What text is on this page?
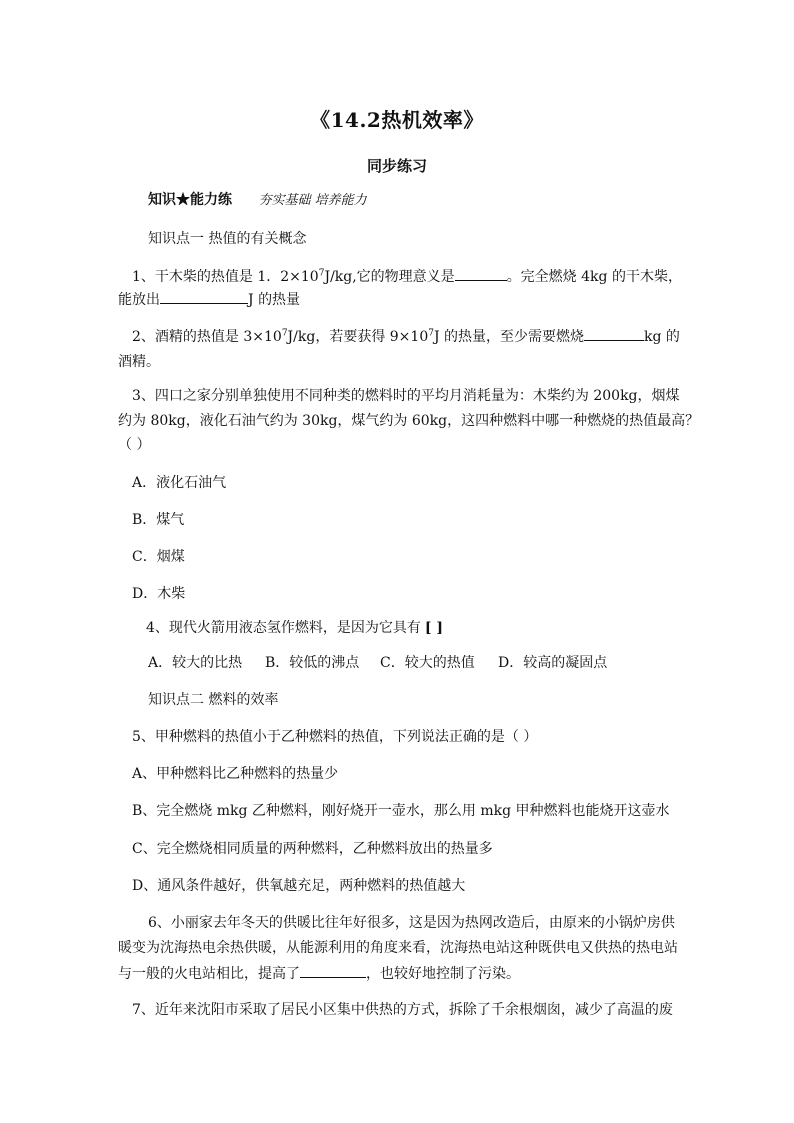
《14.2热机效率》
同步练习
知识★能力练 夯实基础 培养能力
知识点一 热值的有关概念
1、干木柴的热值是 1．$2\times 10^7J/kg$,它的物理意义是	。完全燃烧 4kg 的干木柴，
能放出	J 的热量
2、酒精的热值是 $3\times 10^7J/kg$，若要获得 $9\times 10^7J$ 的热量，至少需要燃烧	kg 的
酒精。
3、四口之家分别单独使用不同种类的燃料时的平均月消耗量为：木柴约为 200kg，烟煤
约为 80kg，液化石油气约为 30kg，煤气约为 60kg，这四种燃料中哪一种燃烧的热值最高？
（ ）
A．液化石油气
B．煤气
C．烟煤
D．木柴
4、现代火箭用液态氢作燃料，是因为它具有 [ ]
A．较大的比热 B．较低的沸点 C．较大的热值 D．较高的凝固点
知识点二 燃料的效率
5、甲种燃料的热值小于乙种燃料的热值，下列说法正确的是（ ）
A、甲种燃料比乙种燃料的热量少
B、完全燃烧 mkg 乙种燃料，刚好烧开一壶水，那么用 mkg 甲种燃料也能烧开这壶水
C、完全燃烧相同质量的两种燃料，乙种燃料放出的热量多
D、通风条件越好，供氧越充足，两种燃料的热值越大
6、小丽家去年冬天的供暖比往年好很多，这是因为热网改造后，由原来的小锅炉房供
暖变为沈海热电余热供暖，从能源利用的角度来看，沈海热电站这种既供电又供热的热电站
与一般的火电站相比，提高了	，也较好地控制了污染。
7、近年来沈阳市采取了居民小区集中供热的方式，拆除了千余根烟囱，减少了高温的废
